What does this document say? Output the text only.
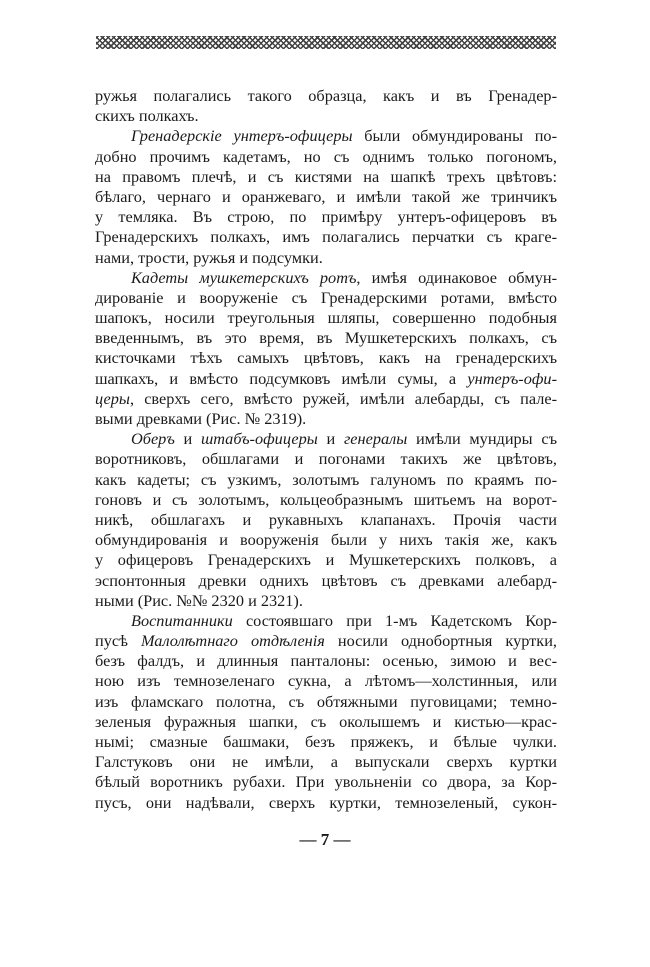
ружья полагались такого образца, какъ и въ Гренадер-
скихъ полкахъ.
Гренадерскіе унтеръ-офицеры были обмундированы по-
добно прочимъ кадетамъ, но съ однимъ только погономъ,
на правомъ плечѣ, и съ кистями на шапкѣ трехъ цвѣтовъ:
бѣлаго, чернаго и оранжеваго, и имѣли такой же тринчикъ
у темляка. Въ строю, по примѣру унтеръ-офицеровъ въ
Гренадерскихъ полкахъ, имъ полагались перчатки съ краге-
нами, трости, ружья и подсумки.
Кадеты мушкетерскихъ ротъ, имѣя одинаковое обмун-
дированіе и вооруженіе съ Гренадерскими ротами, вмѣсто
шапокъ, носили треугольныя шляпы, совершенно подобныя
введеннымъ, въ это время, въ Мушкетерскихъ полкахъ, съ
кисточками тѣхъ самыхъ цвѣтовъ, какъ на гренадерскихъ
шапкахъ, и вмѣсто подсумковъ имѣли сумы, а унтеръ-офи-
церы, сверхъ сего, вмѣсто ружей, имѣли алебарды, съ пале-
выми древками (Рис. № 2319).
Оберъ и штабъ-офицеры и генералы имѣли мундиры съ
воротниковъ, обшлагами и погонами такихъ же цвѣтовъ,
какъ кадеты; съ узкимъ, золотымъ галуномъ по краямъ по-
гоновъ и съ золотымъ, кольцеобразнымъ шитьемъ на ворот-
никѣ, обшлагахъ и рукавныхъ клапанахъ. Прочія части
обмундированія и вооруженія были у нихъ такія же, какъ
у офицеровъ Гренадерскихъ и Мушкетерскихъ полковъ, а
эспонтонныя древки однихъ цвѣтовъ съ древками алебард-
ными (Рис. №№ 2320 и 2321).
Воспитанники состоявшаго при 1-мъ Кадетскомъ Кор-
пусѣ Малолѣтнаго отдѣленія носили однобортныя куртки,
безъ фалдъ, и длинныя панталоны: осенью, зимою и вес-
ною изъ темнозеленаго сукна, а лѣтомъ—холстинныя, или
изъ фламскаго полотна, съ обтяжными пуговицами; темно-
зеленыя фуражныя шапки, съ околышемъ и кистью—крас-
нымі; смазные башмаки, безъ пряжекъ, и бѣлые чулки.
Галстуковъ они не имѣли, а выпускали сверхъ куртки
бѣлый воротникъ рубахи. При увольненіи со двора, за Кор-
пусъ, они надѣвали, сверхъ куртки, темнозеленый, сукон-
— 7 —
